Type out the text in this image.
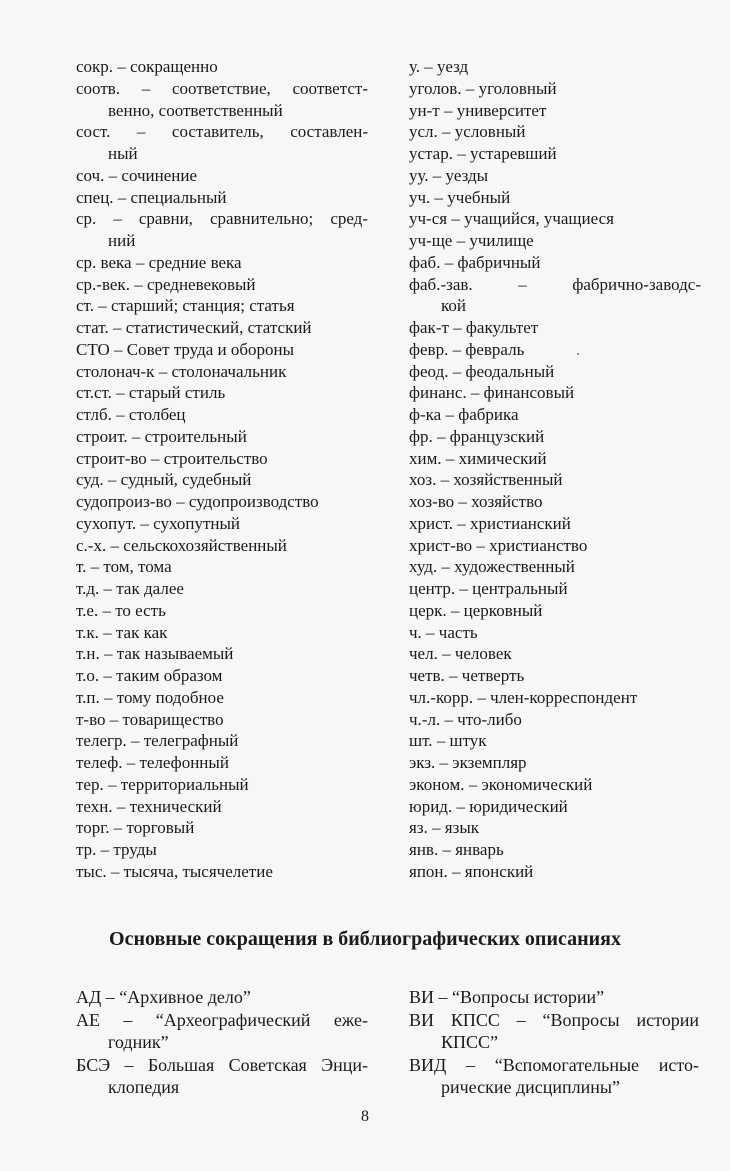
сокр. – сокращенно
соотв. – соответствие, соответст-
венно, соответственный
сост. – составитель, составлен-
ный
соч. – сочинение
спец. – специальный
ср. – сравни, сравнительно; сред-
ний
ср. века – средние века
ср.-век. – средневековый
ст. – старший; станция; статья
стат. – статистический, статский
СТО – Совет труда и обороны
столонач-к – столоначальник
ст.ст. – старый стиль
стлб. – столбец
строит. – строительный
строит-во – строительство
суд. – судный, судебный
судопроиз-во – судопроизводство
сухопут. – сухопутный
с.-х. – сельскохозяйственный
т. – том, тома
т.д. – так далее
т.е. – то есть
т.к. – так как
т.н. – так называемый
т.о. – таким образом
т.п. – тому подобное
т-во – товарищество
телегр. – телеграфный
телеф. – телефонный
тер. – территориальный
техн. – технический
торг. – торговый
тр. – труды
тыс. – тысяча, тысячелетие
у. – уезд
уголов. – уголовный
ун-т – университет
усл. – условный
устар. – устаревший
уу. – уезды
уч. – учебный
уч-ся – учащийся, учащиеся
уч-ще – училище
фаб. – фабричный
фаб.-зав. – фабрично-заводс-
кой
фак-т – факультет
февр. – февраль
феод. – феодальный
финанс. – финансовый
ф-ка – фабрика
фр. – французский
хим. – химический
хоз. – хозяйственный
хоз-во – хозяйство
христ. – христианский
христ-во – христианство
худ. – художественный
центр. – центральный
церк. – церковный
ч. – часть
чел. – человек
четв. – четверть
чл.-корр. – член-корреспондент
ч.-л. – что-либо
шт. – штук
экз. – экземпляр
эконом. – экономический
юрид. – юридический
яз. – язык
янв. – январь
япон. – японский
Основные сокращения в библиографических описаниях
АД – “Архивное дело”
АЕ – “Археографический еже-
годник”
БСЭ – Большая Советская Энци-
клопедия
ВИ – “Вопросы истории”
ВИ КПСС – “Вопросы истории
КПСС”
ВИД – “Вспомогательные исто-
рические дисциплины”
8
